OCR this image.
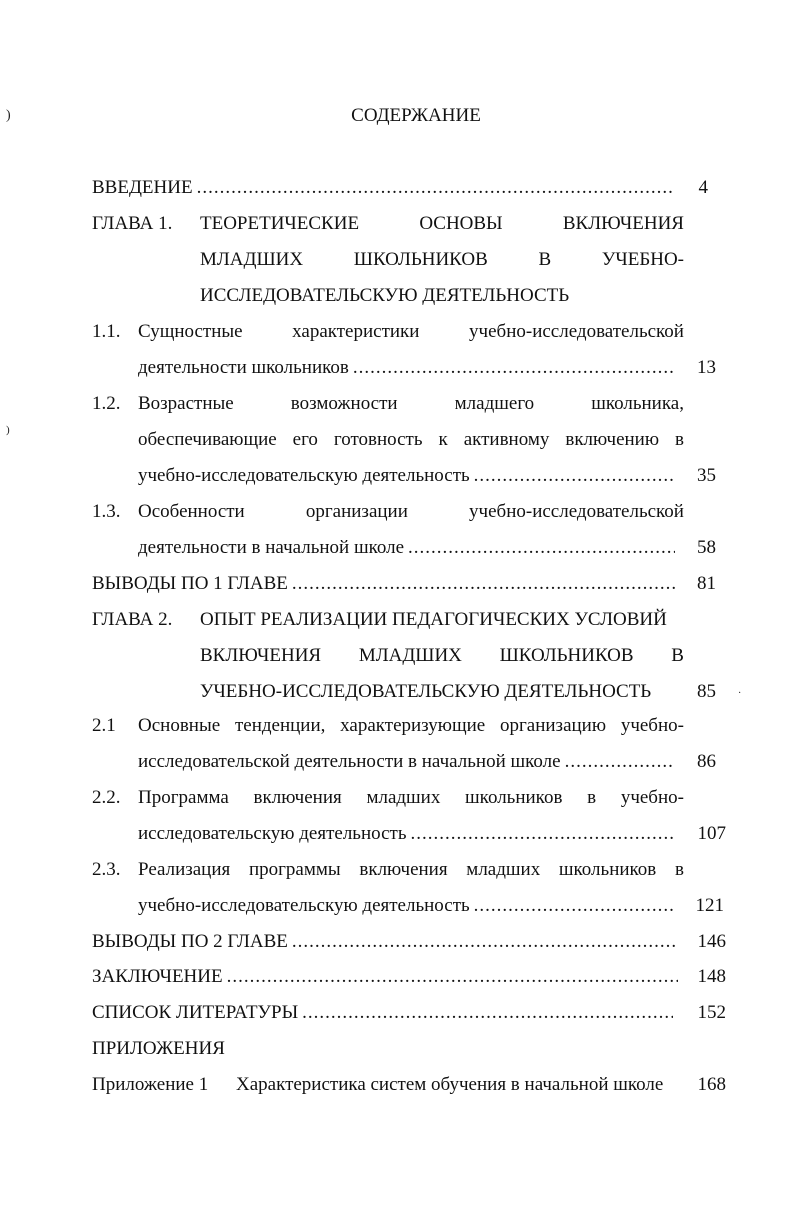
)
)
СОДЕРЖАНИЕ
ВВЕДЕНИЕ .....	4
ГЛАВА 1. ТЕОРЕТИЧЕСКИЕ	ОСНОВЫ	ВКЛЮЧЕНИЯ
МЛАДШИХ	ШКОЛЬНИКОВ	В	УЧЕБНО-
ИССЛЕДОВАТЕЛЬСКУЮ ДЕЯТЕЛЬНОСТЬ
1.1. Сущностные	характеристики	учебно-исследовательской
деятельности школьников .....	13
1.2. Возрастные	возможности	младшего	школьника,
обеспечивающие его готовность к активному включению в
учебно-исследовательскую деятельность .....	35
1.3. Особенности	организации	учебно-исследовательской
деятельности в начальной школе .....	58
ВЫВОДЫ ПО 1 ГЛАВЕ .....	81
ГЛАВА 2. ОПЫТ РЕАЛИЗАЦИИ ПЕДАГОГИЧЕСКИХ УСЛОВИЙ
ВКЛЮЧЕНИЯ МЛАДШИХ ШКОЛЬНИКОВ В
УЧЕБНО-ИССЛЕДОВАТЕЛЬСКУЮ ДЕЯТЕЛЬНОСТЬ	85 ·
2.1 Основные тенденции, характеризующие организацию учебно-
исследовательской деятельности в начальной школе .....	86
2.2. Программа включения младших школьников в учебно-
исследовательскую деятельность .....	107
2.3. Реализация программы включения младших школьников в
учебно-исследовательскую деятельность .....	121
ВЫВОДЫ ПО 2 ГЛАВЕ .....	146
ЗАКЛЮЧЕНИЕ .....	148
СПИСОК ЛИТЕРАТУРЫ .....	152
ПРИЛОЖЕНИЯ
Приложение 1 Характеристика систем обучения в начальной школе	168
